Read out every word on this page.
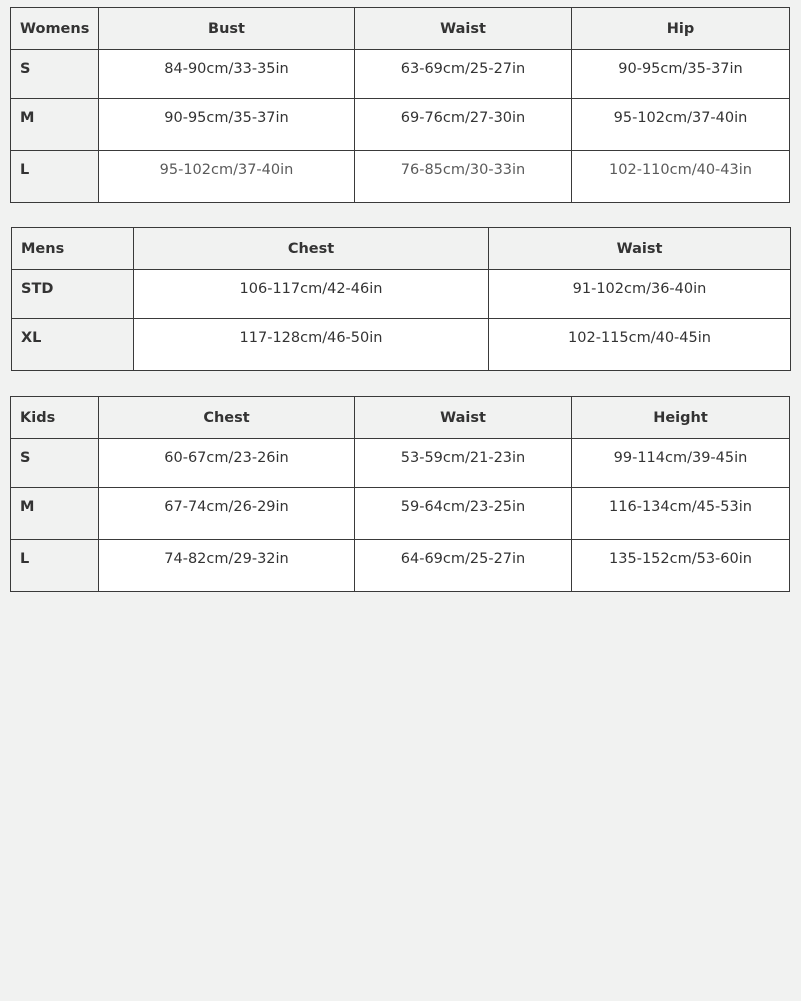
Womens	Bust	Waist	Hip

S	84-90cm/33-35in	63-69cm/25-27in	90-95cm/35-37in

M	90-95cm/35-37in	69-76cm/27-30in	95-102cm/37-40in

L	95-102cm/37-40in	76-85cm/30-33in	102-110cm/40-43in
Mens	Chest	Waist

STD	106-117cm/42-46in	91-102cm/36-40in

XL	117-128cm/46-50in	102-115cm/40-45in
Kids	Chest	Waist	Height

S	60-67cm/23-26in	53-59cm/21-23in	99-114cm/39-45in

M	67-74cm/26-29in	59-64cm/23-25in	116-134cm/45-53in

L	74-82cm/29-32in	64-69cm/25-27in	135-152cm/53-60in
